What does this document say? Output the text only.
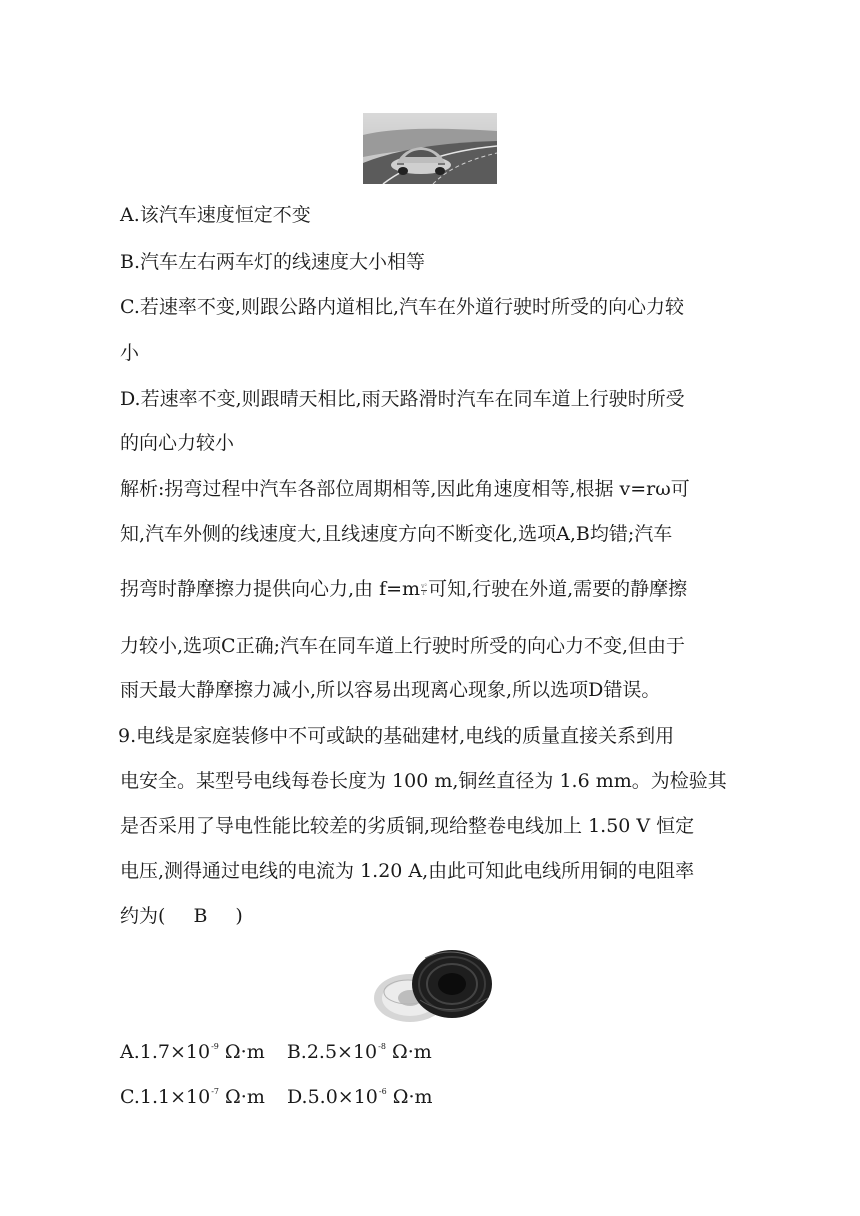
A.该汽车速度恒定不变
B.汽车左右两车灯的线速度大小相等
C.若速率不变,则跟公路内道相比,汽车在外道行驶时所受的向心力较
小
D.若速率不变,则跟晴天相比,雨天路滑时汽车在同车道上行驶时所受
的向心力较小
解析:拐弯过程中汽车各部位周期相等,因此角速度相等,根据 v=rω可
知,汽车外侧的线速度大,且线速度方向不断变化,选项A,B均错;汽车
拐弯时静摩擦力提供向心力,由 $f=m \frac{\text{v²}}{r}$ 可知,行驶在外道,需要的静摩擦
力较小,选项C正确;汽车在同车道上行驶时所受的向心力不变,但由于
雨天最大静摩擦力减小,所以容易出现离心现象,所以选项D错误。
9.电线是家庭装修中不可或缺的基础建材,电线的质量直接关系到用
电安全。某型号电线每卷长度为 100 m,铜丝直径为 1.6 mm。为检验其
是否采用了导电性能比较差的劣质铜,现给整卷电线加上 1.50 V 恒定
电压,测得通过电线的电流为 1.20 A,由此可知此电线所用铜的电阻率
约为( B )
$A.1.7\times 10^{-9}$ Ω·m $B.2.5\times 10^{-8}$ Ω·m
$C.1.1\times 10^{-7}$ Ω·m $D.5.0\times 10^{-6}$ Ω·m
